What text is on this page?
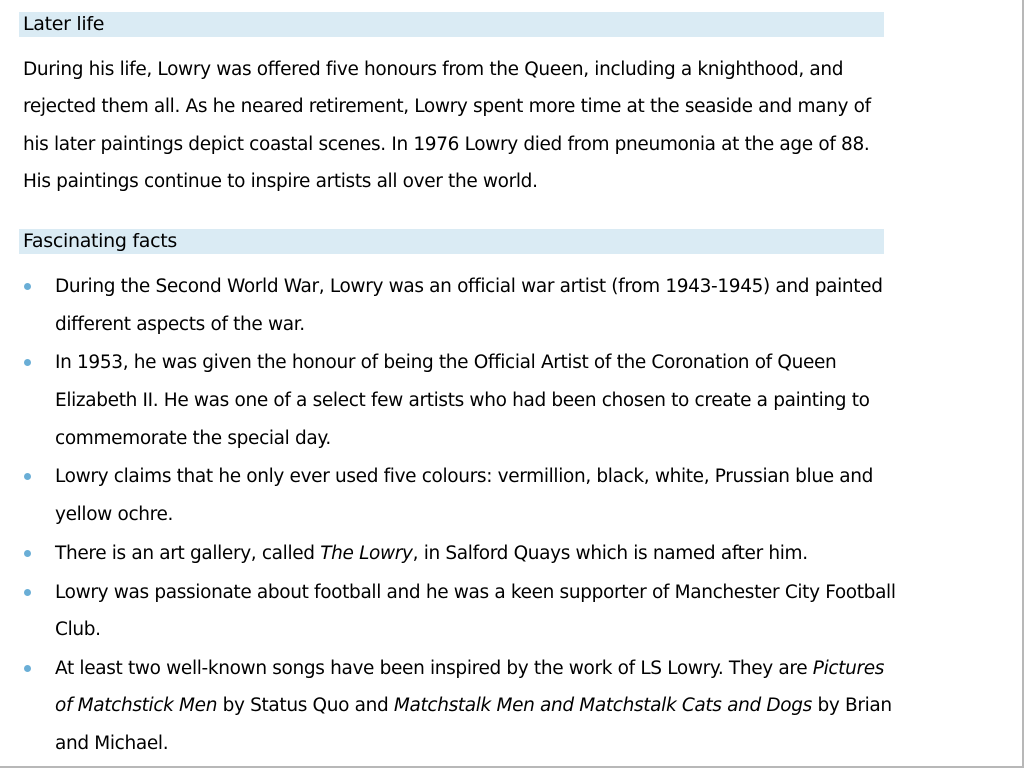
Later life

During his life, Lowry was offered five honours from the Queen, including a knighthood, and rejected them all. As he neared retirement, Lowry spent more time at the seaside and many of his later paintings depict coastal scenes. In 1976 Lowry died from pneumonia at the age of 88. His paintings continue to inspire artists all over the world.

Fascinating facts
During the Second World War, Lowry was an official war artist (from 1943-1945) and painted different aspects of the war.
In 1953, he was given the honour of being the Official Artist of the Coronation of Queen Elizabeth II. He was one of a select few artists who had been chosen to create a painting to commemorate the special day.
Lowry claims that he only ever used five colours: vermillion, black, white, Prussian blue and yellow ochre.
There is an art gallery, called The Lowry, in Salford Quays which is named after him.
Lowry was passionate about football and he was a keen supporter of Manchester City Football Club.
At least two well-known songs have been inspired by the work of LS Lowry. They are Pictures of Matchstick Men by Status Quo and Matchstalk Men and Matchstalk Cats and Dogs by Brian and Michael.
